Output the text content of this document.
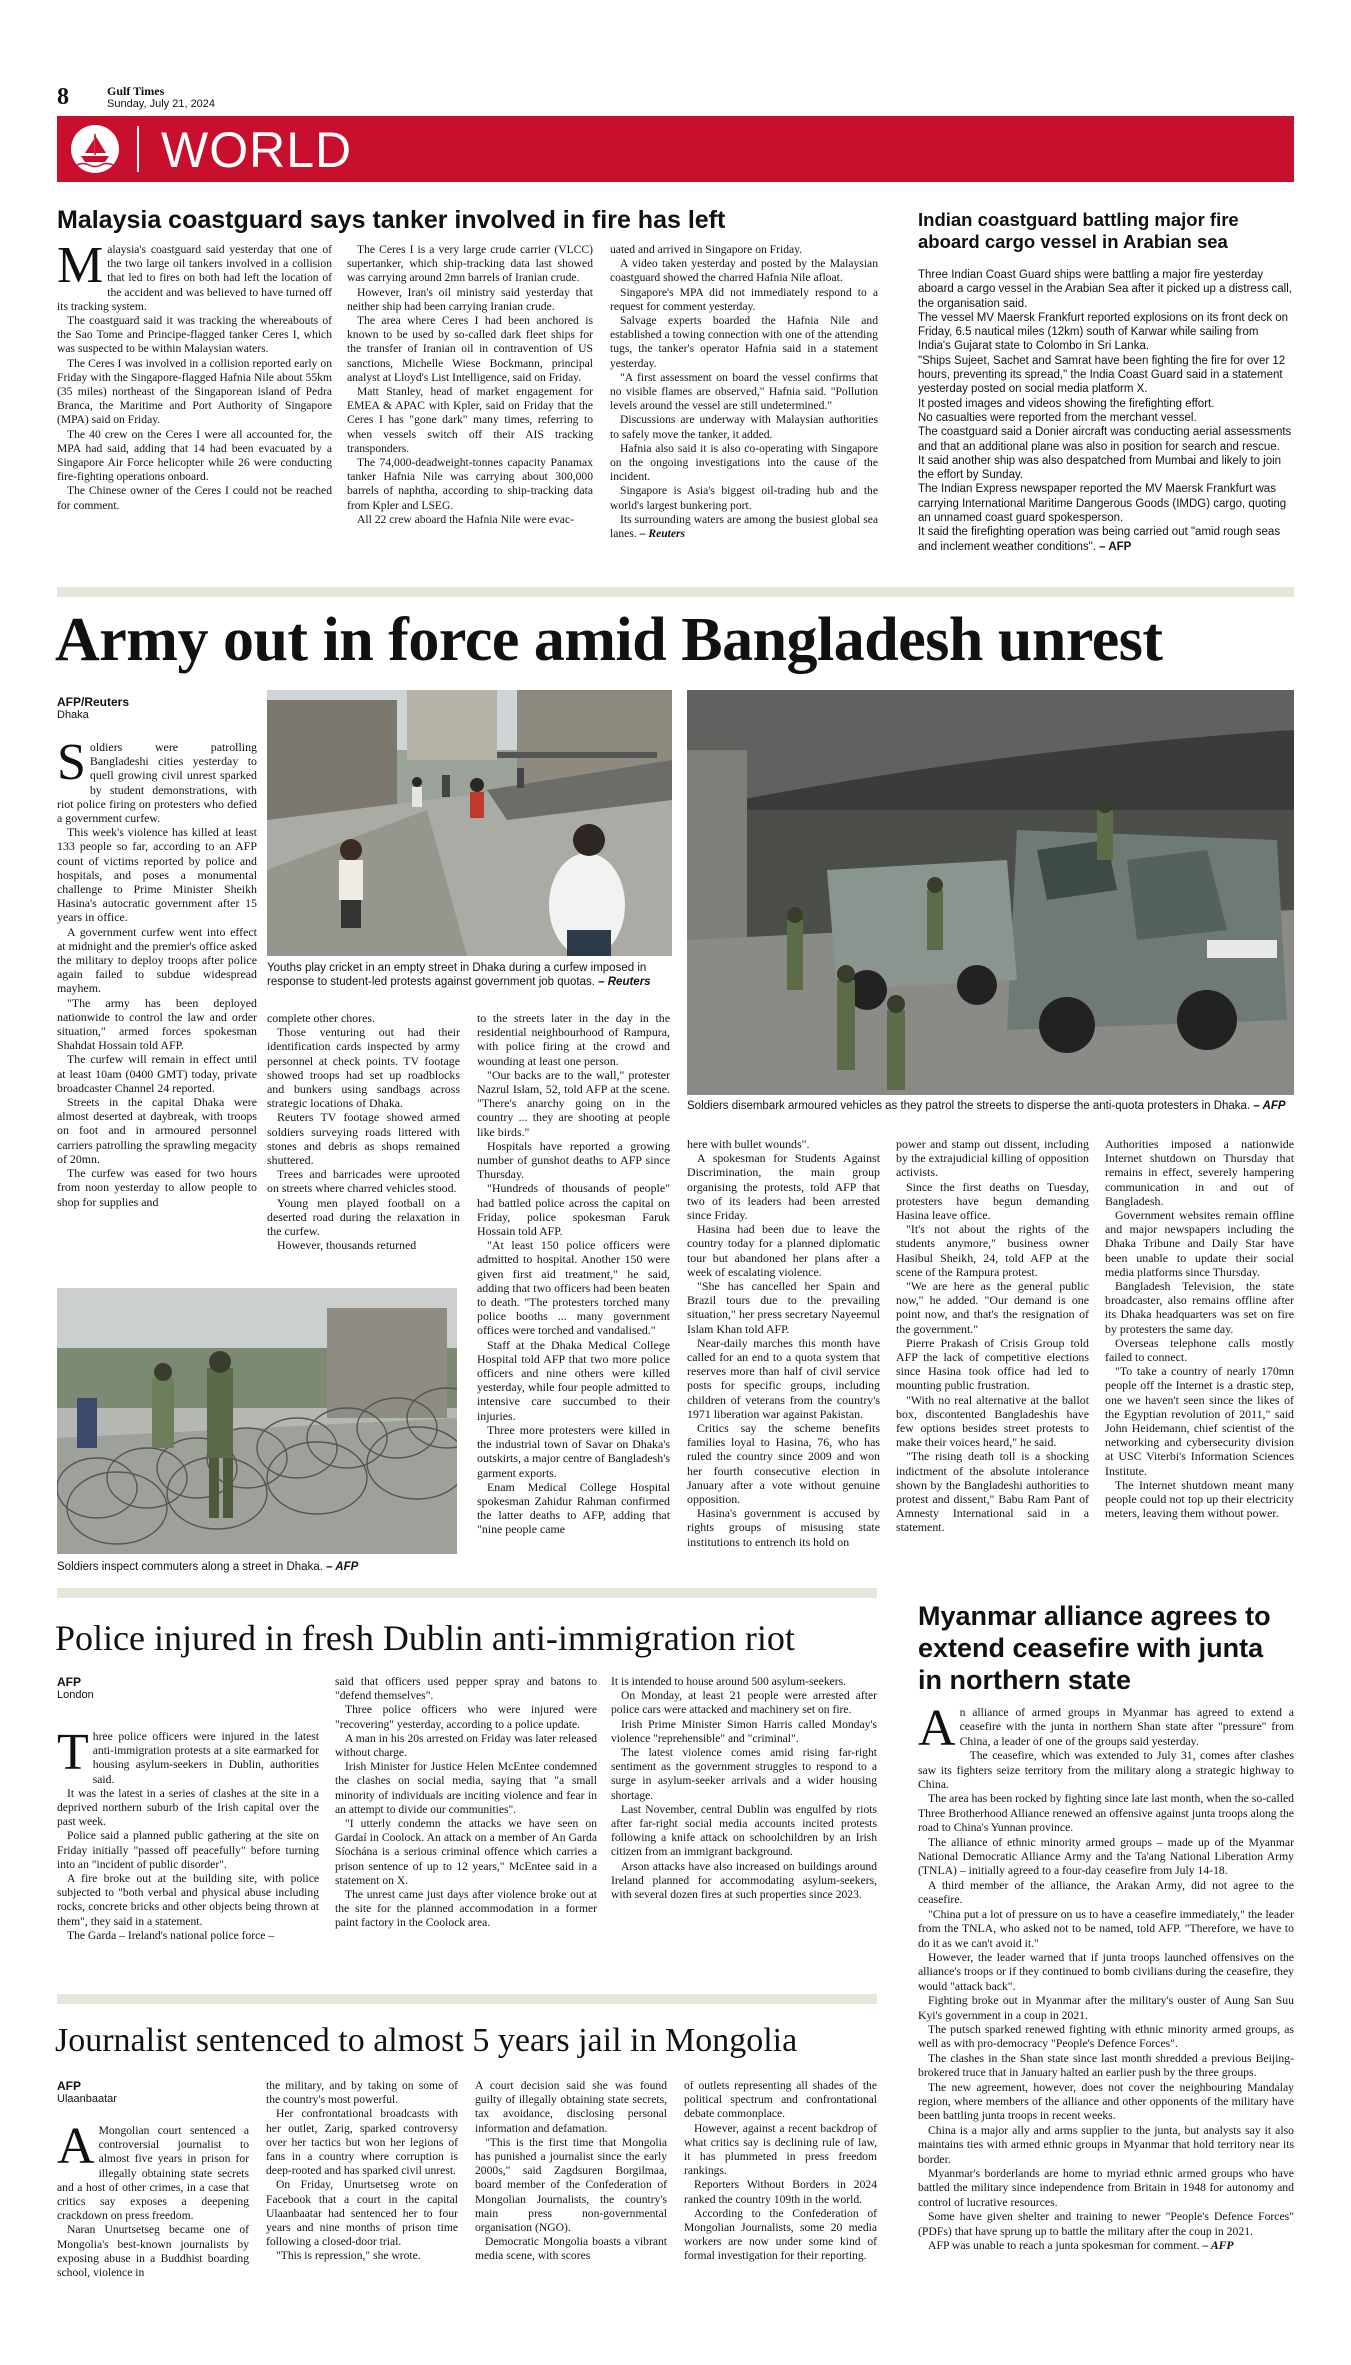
8	Gulf Times
Sunday, July 21, 2024
WORLD
Malaysia coastguard says tanker involved in fire has left

Malaysia's coastguard said yesterday that one of the two large oil tankers involved in a collision that led to fires on both had left the location of the accident and was believed to have turned off its tracking system.

The coastguard said it was tracking the whereabouts of the Sao Tome and Principe-flagged tanker Ceres I, which was suspected to be within Malaysian waters.

The Ceres I was involved in a collision reported early on Friday with the Singapore-flagged Hafnia Nile about 55km (35 miles) northeast of the Singaporean island of Pedra Branca, the Maritime and Port Authority of Singapore (MPA) said on Friday.

The 40 crew on the Ceres I were all accounted for, the MPA had said, adding that 14 had been evacuated by a Singapore Air Force helicopter while 26 were conducting fire-fighting operations onboard.

The Chinese owner of the Ceres I could not be reached for comment.

The Ceres I is a very large crude carrier (VLCC) supertanker, which ship-tracking data last showed was carrying around 2mn barrels of Iranian crude.

However, Iran's oil ministry said yesterday that neither ship had been carrying Iranian crude.

The area where Ceres I had been anchored is known to be used by so-called dark fleet ships for the transfer of Iranian oil in contravention of US sanctions, Michelle Wiese Bockmann, principal analyst at Lloyd's List Intelligence, said on Friday.

Matt Stanley, head of market engagement for EMEA & APAC with Kpler, said on Friday that the Ceres I has "gone dark" many times, referring to when vessels switch off their AIS tracking transponders.

The 74,000-deadweight-tonnes capacity Panamax tanker Hafnia Nile was carrying about 300,000 barrels of naphtha, according to ship-tracking data from Kpler and LSEG.

All 22 crew aboard the Hafnia Nile were evac-

uated and arrived in Singapore on Friday.

A video taken yesterday and posted by the Malaysian coastguard showed the charred Hafnia Nile afloat.

Singapore's MPA did not immediately respond to a request for comment yesterday.

Salvage experts boarded the Hafnia Nile and established a towing connection with one of the attending tugs, the tanker's operator Hafnia said in a statement yesterday.

"A first assessment on board the vessel confirms that no visible flames are observed," Hafnia said. "Pollution levels around the vessel are still undetermined."

Discussions are underway with Malaysian authorities to safely move the tanker, it added.

Hafnia also said it is also co-operating with Singapore on the ongoing investigations into the cause of the incident.

Singapore is Asia's biggest oil-trading hub and the world's largest bunkering port.

Its surrounding waters are among the busiest global sea lanes. – Reuters

Indian coastguard battling major fire aboard cargo vessel in Arabian sea

Three Indian Coast Guard ships were battling a major fire yesterday aboard a cargo vessel in the Arabian Sea after it picked up a distress call, the organisation said.

The vessel MV Maersk Frankfurt reported explosions on its front deck on Friday, 6.5 nautical miles (12km) south of Karwar while sailing from India's Gujarat state to Colombo in Sri Lanka.

"Ships Sujeet, Sachet and Samrat have been fighting the fire for over 12 hours, preventing its spread," the India Coast Guard said in a statement yesterday posted on social media platform X.

It posted images and videos showing the firefighting effort.

No casualties were reported from the merchant vessel.

The coastguard said a Donier aircraft was conducting aerial assessments and that an additional plane was also in position for search and rescue.

It said another ship was also despatched from Mumbai and likely to join the effort by Sunday.

The Indian Express newspaper reported the MV Maersk Frankfurt was carrying International Maritime Dangerous Goods (IMDG) cargo, quoting an unnamed coast guard spokesperson.

It said the firefighting operation was being carried out "amid rough seas and inclement weather conditions". – AFP

Army out in force amid Bangladesh unrest
AFP/Reuters
Dhaka

Soldiers were patrolling Bangladeshi cities yesterday to quell growing civil unrest sparked by student demonstrations, with riot police firing on protesters who defied a government curfew.

This week's violence has killed at least 133 people so far, according to an AFP count of victims reported by police and hospitals, and poses a monumental challenge to Prime Minister Sheikh Hasina's autocratic government after 15 years in office.

A government curfew went into effect at midnight and the premier's office asked the military to deploy troops after police again failed to subdue widespread mayhem.

"The army has been deployed nationwide to control the law and order situation," armed forces spokesman Shahdat Hossain told AFP.

The curfew will remain in effect until at least 10am (0400 GMT) today, private broadcaster Channel 24 reported.

Streets in the capital Dhaka were almost deserted at daybreak, with troops on foot and in armoured personnel carriers patrolling the sprawling megacity of 20mn.

The curfew was eased for two hours from noon yesterday to allow people to shop for supplies and

Youths play cricket in an empty street in Dhaka during a curfew imposed in response to student-led protests against government job quotas. – Reuters
Soldiers disembark armoured vehicles as they patrol the streets to disperse the anti-quota protesters in Dhaka. – AFP

complete other chores.

Those venturing out had their identification cards inspected by army personnel at check points. TV footage showed troops had set up roadblocks and bunkers using sandbags across strategic locations of Dhaka.

Reuters TV footage showed armed soldiers surveying roads littered with stones and debris as shops remained shuttered.

Trees and barricades were uprooted on streets where charred vehicles stood.

Young men played football on a deserted road during the relaxation in the curfew.

However, thousands returned

to the streets later in the day in the residential neighbourhood of Rampura, with police firing at the crowd and wounding at least one person.

"Our backs are to the wall," protester Nazrul Islam, 52, told AFP at the scene. "There's anarchy going on in the country ... they are shooting at people like birds."

Hospitals have reported a growing number of gunshot deaths to AFP since Thursday.

"Hundreds of thousands of people" had battled police across the capital on Friday, police spokesman Faruk Hossain told AFP.

"At least 150 police officers were admitted to hospital. Another 150 were given first aid treatment," he said, adding that two officers had been beaten to death. "The protesters torched many police booths ... many government offices were torched and vandalised."

Staff at the Dhaka Medical College Hospital told AFP that two more police officers and nine others were killed yesterday, while four people admitted to intensive care succumbed to their injuries.

Three more protesters were killed in the industrial town of Savar on Dhaka's outskirts, a major centre of Bangladesh's garment exports.

Enam Medical College Hospital spokesman Zahidur Rahman confirmed the latter deaths to AFP, adding that "nine people came

Soldiers inspect commuters along a street in Dhaka. – AFP

here with bullet wounds".

A spokesman for Students Against Discrimination, the main group organising the protests, told AFP that two of its leaders had been arrested since Friday.

Hasina had been due to leave the country today for a planned diplomatic tour but abandoned her plans after a week of escalating violence.

"She has cancelled her Spain and Brazil tours due to the prevailing situation," her press secretary Nayeemul Islam Khan told AFP.

Near-daily marches this month have called for an end to a quota system that reserves more than half of civil service posts for specific groups, including children of veterans from the country's 1971 liberation war against Pakistan.

Critics say the scheme benefits families loyal to Hasina, 76, who has ruled the country since 2009 and won her fourth consecutive election in January after a vote without genuine opposition.

Hasina's government is accused by rights groups of misusing state institutions to entrench its hold on

power and stamp out dissent, including by the extrajudicial killing of opposition activists.

Since the first deaths on Tuesday, protesters have begun demanding Hasina leave office.

"It's not about the rights of the students anymore," business owner Hasibul Sheikh, 24, told AFP at the scene of the Rampura protest.

"We are here as the general public now," he added. "Our demand is one point now, and that's the resignation of the government."

Pierre Prakash of Crisis Group told AFP the lack of competitive elections since Hasina took office had led to mounting public frustration.

"With no real alternative at the ballot box, discontented Bangladeshis have few options besides street protests to make their voices heard," he said.

"The rising death toll is a shocking indictment of the absolute intolerance shown by the Bangladeshi authorities to protest and dissent," Babu Ram Pant of Amnesty International said in a statement.

Authorities imposed a nationwide Internet shutdown on Thursday that remains in effect, severely hampering communication in and out of Bangladesh.

Government websites remain offline and major newspapers including the Dhaka Tribune and Daily Star have been unable to update their social media platforms since Thursday.

Bangladesh Television, the state broadcaster, also remains offline after its Dhaka headquarters was set on fire by protesters the same day.

Overseas telephone calls mostly failed to connect.

"To take a country of nearly 170mn people off the Internet is a drastic step, one we haven't seen since the likes of the Egyptian revolution of 2011," said John Heidemann, chief scientist of the networking and cybersecurity division at USC Viterbi's Information Sciences Institute.

The Internet shutdown meant many people could not top up their electricity meters, leaving them without power.

Police injured in fresh Dublin anti-immigration riot
AFP
London

Three police officers were injured in the latest anti-immigration protests at a site earmarked for housing asylum-seekers in Dublin, authorities said.

It was the latest in a series of clashes at the site in a deprived northern suburb of the Irish capital over the past week.

Police said a planned public gathering at the site on Friday initially "passed off peacefully" before turning into an "incident of public disorder".

A fire broke out at the building site, with police subjected to "both verbal and physical abuse including rocks, concrete bricks and other objects being thrown at them", they said in a statement.

The Garda – Ireland's national police force –

said that officers used pepper spray and batons to "defend themselves".

Three police officers who were injured were "recovering" yesterday, according to a police update.

A man in his 20s arrested on Friday was later released without charge.

Irish Minister for Justice Helen McEntee condemned the clashes on social media, saying that "a small minority of individuals are inciting violence and fear in an attempt to divide our communities".

"I utterly condemn the attacks we have seen on Gardaí in Coolock. An attack on a member of An Garda Síochána is a serious criminal offence which carries a prison sentence of up to 12 years," McEntee said in a statement on X.

The unrest came just days after violence broke out at the site for the planned accommodation in a former paint factory in the Coolock area.

It is intended to house around 500 asylum-seekers.

On Monday, at least 21 people were arrested after police cars were attacked and machinery set on fire.

Irish Prime Minister Simon Harris called Monday's violence "reprehensible" and "criminal".

The latest violence comes amid rising far-right sentiment as the government struggles to respond to a surge in asylum-seeker arrivals and a wider housing shortage.

Last November, central Dublin was engulfed by riots after far-right social media accounts incited protests following a knife attack on schoolchildren by an Irish citizen from an immigrant background.

Arson attacks have also increased on buildings around Ireland planned for accommodating asylum-seekers, with several dozen fires at such properties since 2023.

Myanmar alliance agrees to extend ceasefire with junta in northern state

An alliance of armed groups in Myanmar has agreed to extend a ceasefire with the junta in northern Shan state after "pressure" from China, a leader of one of the groups said yesterday.

The ceasefire, which was extended to July 31, comes after clashes saw its fighters seize territory from the military along a strategic highway to China.

The area has been rocked by fighting since late last month, when the so-called Three Brotherhood Alliance renewed an offensive against junta troops along the road to China's Yunnan province.

The alliance of ethnic minority armed groups – made up of the Myanmar National Democratic Alliance Army and the Ta'ang National Liberation Army (TNLA) – initially agreed to a four-day ceasefire from July 14-18.

A third member of the alliance, the Arakan Army, did not agree to the ceasefire.

"China put a lot of pressure on us to have a ceasefire immediately," the leader from the TNLA, who asked not to be named, told AFP. "Therefore, we have to do it as we can't avoid it."

However, the leader warned that if junta troops launched offensives on the alliance's troops or if they continued to bomb civilians during the ceasefire, they would "attack back".

Fighting broke out in Myanmar after the military's ouster of Aung San Suu Kyi's government in a coup in 2021.

The putsch sparked renewed fighting with ethnic minority armed groups, as well as with pro-democracy "People's Defence Forces".

The clashes in the Shan state since last month shredded a previous Beijing-brokered truce that in January halted an earlier push by the three groups.

The new agreement, however, does not cover the neighbouring Mandalay region, where members of the alliance and other opponents of the military have been battling junta troops in recent weeks.

China is a major ally and arms supplier to the junta, but analysts say it also maintains ties with armed ethnic groups in Myanmar that hold territory near its border.

Myanmar's borderlands are home to myriad ethnic armed groups who have battled the military since independence from Britain in 1948 for autonomy and control of lucrative resources.

Some have given shelter and training to newer "People's Defence Forces" (PDFs) that have sprung up to battle the military after the coup in 2021.

AFP was unable to reach a junta spokesman for comment. – AFP

Journalist sentenced to almost 5 years jail in Mongolia
AFP
Ulaanbaatar

AMongolian court sentenced a controversial journalist to almost five years in prison for illegally obtaining state secrets and a host of other crimes, in a case that critics say exposes a deepening crackdown on press freedom.

Naran Unurtsetseg became one of Mongolia's best-known journalists by exposing abuse in a Buddhist boarding school, violence in

the military, and by taking on some of the country's most powerful.

Her confrontational broadcasts with her outlet, Zarig, sparked controversy over her tactics but won her legions of fans in a country where corruption is deep-rooted and has sparked civil unrest.

On Friday, Unurtsetseg wrote on Facebook that a court in the capital Ulaanbaatar had sentenced her to four years and nine months of prison time following a closed-door trial.

"This is repression," she wrote.

A court decision said she was found guilty of illegally obtaining state secrets, tax avoidance, disclosing personal information and defamation.

"This is the first time that Mongolia has punished a journalist since the early 2000s," said Zagdsuren Borgilmaa, board member of the Confederation of Mongolian Journalists, the country's main press non-governmental organisation (NGO).

Democratic Mongolia boasts a vibrant media scene, with scores

of outlets representing all shades of the political spectrum and confrontational debate commonplace.

However, against a recent backdrop of what critics say is declining rule of law, it has plummeted in press freedom rankings.

Reporters Without Borders in 2024 ranked the country 109th in the world.

According to the Confederation of Mongolian Journalists, some 20 media workers are now under some kind of formal investigation for their reporting.
